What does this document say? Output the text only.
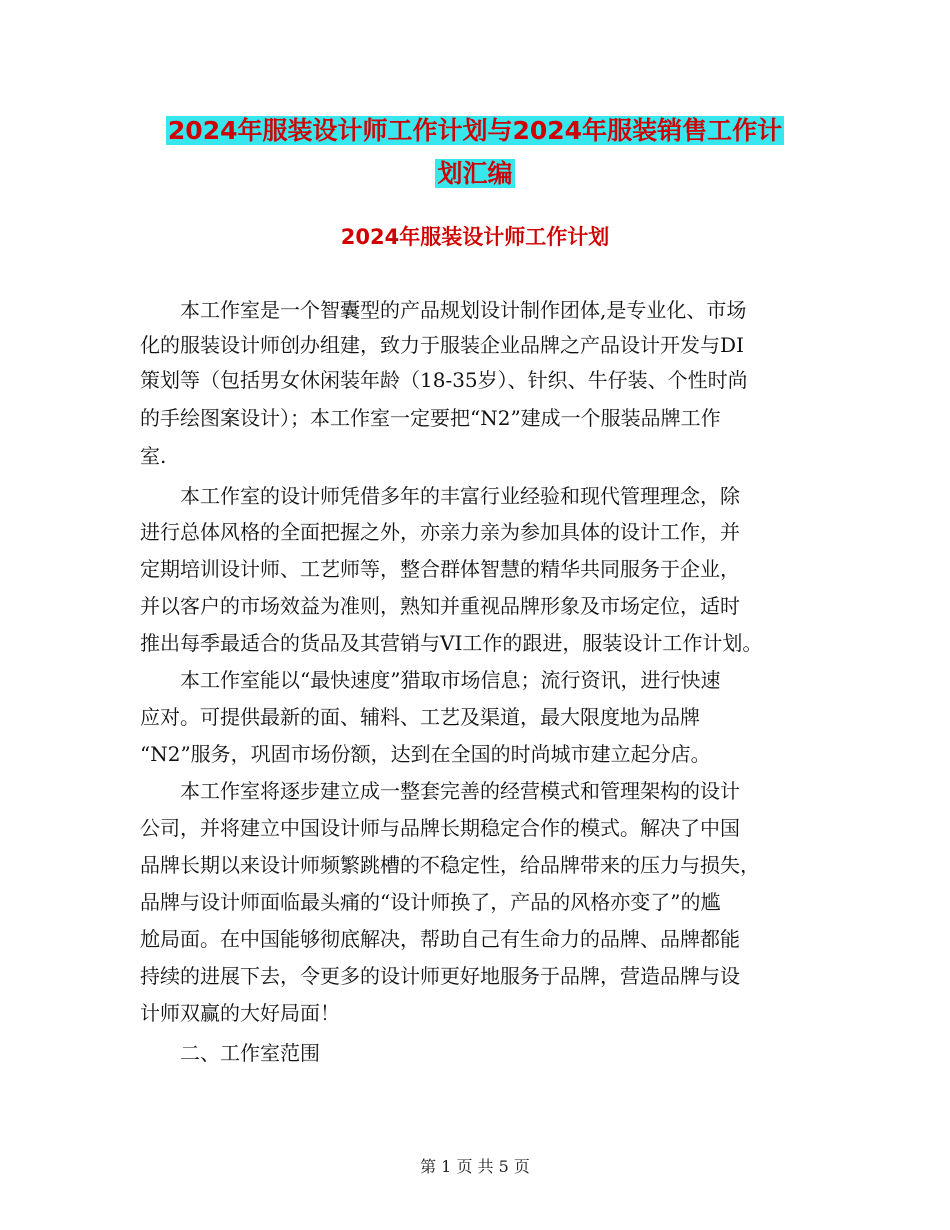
2024年服装设计师工作计划与2024年服装销售工作计
划汇编
2024年服装设计师工作计划
　　本工作室是一个智囊型的产品规划设计制作团体,是专业化、市场
化的服装设计师创办组建，致力于服装企业品牌之产品设计开发与DI
策划等（包括男女休闲装年龄（18-35岁）、针织、牛仔装、个性时尚
的手绘图案设计）；本工作室一定要把“N2”建成一个服装品牌工作
室.
　　本工作室的设计师凭借多年的丰富行业经验和现代管理理念，除
进行总体风格的全面把握之外，亦亲力亲为参加具体的设计工作，并
定期培训设计师、工艺师等，整合群体智慧的精华共同服务于企业，
并以客户的市场效益为准则，熟知并重视品牌形象及市场定位，适时
推出每季最适合的货品及其营销与VI工作的跟进，服装设计工作计划。
　　本工作室能以“最快速度”猎取市场信息；流行资讯，进行快速
应对。可提供最新的面、辅料、工艺及渠道，最大限度地为品牌
“N2”服务，巩固市场份额，达到在全国的时尚城市建立起分店。
　　本工作室将逐步建立成一整套完善的经营模式和管理架构的设计
公司，并将建立中国设计师与品牌长期稳定合作的模式。解决了中国
品牌长期以来设计师频繁跳槽的不稳定性，给品牌带来的压力与损失，
品牌与设计师面临最头痛的“设计师换了，产品的风格亦变了”的尴
尬局面。在中国能够彻底解决，帮助自己有生命力的品牌、品牌都能
持续的进展下去，令更多的设计师更好地服务于品牌，营造品牌与设
计师双赢的大好局面！
　　二、工作室范围
第 1 页 共 5 页
